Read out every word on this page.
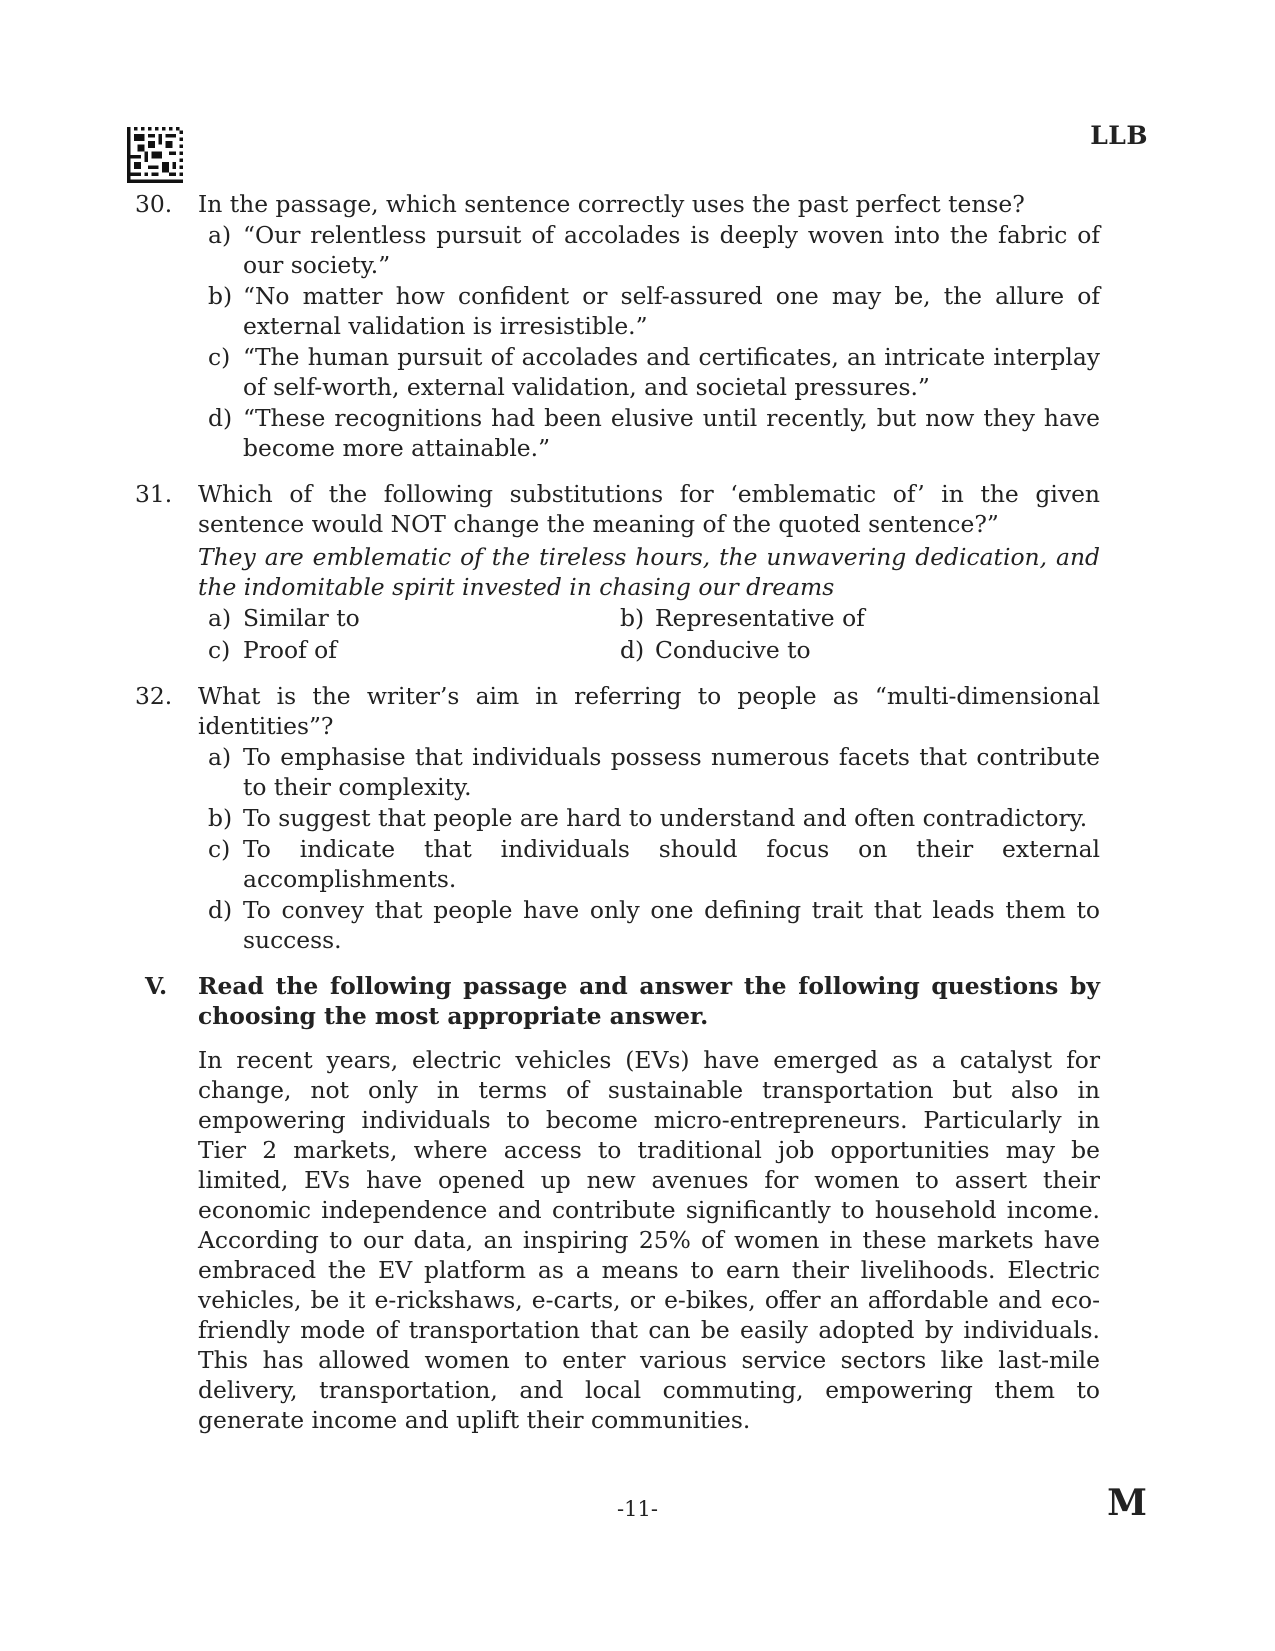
LLB
30. In the passage, which sentence correctly uses the past perfect tense?
a) “Our relentless pursuit of accolades is deeply woven into the fabric of our society.”
b) “No matter how confident or self-assured one may be, the allure of external validation is irresistible.”
c) “The human pursuit of accolades and certificates, an intricate interplay of self-worth, external validation, and societal pressures.”
d) “These recognitions had been elusive until recently, but now they have become more attainable.”
31. Which of the following substitutions for ‘emblematic of’ in the given sentence would NOT change the meaning of the quoted sentence?”
They are emblematic of the tireless hours, the unwavering dedication, and the indomitable spirit invested in chasing our dreams
a) Similar to	b) Representative of
c) Proof of	d) Conducive to
32. What is the writer’s aim in referring to people as “multi-dimensional identities”?
a) To emphasise that individuals possess numerous facets that contribute to their complexity.
b) To suggest that people are hard to understand and often contradictory.
c) To indicate that individuals should focus on their external accomplishments.
d) To convey that people have only one defining trait that leads them to success.
V. Read the following passage and answer the following questions by choosing the most appropriate answer.
In recent years, electric vehicles (EVs) have emerged as a catalyst for change, not only in terms of sustainable transportation but also in empowering individuals to become micro-entrepreneurs. Particularly in Tier 2 markets, where access to traditional job opportunities may be limited, EVs have opened up new avenues for women to assert their economic independence and contribute significantly to household income. According to our data, an inspiring 25% of women in these markets have embraced the EV platform as a means to earn their livelihoods. Electric vehicles, be it e-rickshaws, e-carts, or e-bikes, offer an affordable and eco-friendly mode of transportation that can be easily adopted by individuals. This has allowed women to enter various service sectors like last-mile delivery, transportation, and local commuting, empowering them to generate income and uplift their communities.
-11-	M
